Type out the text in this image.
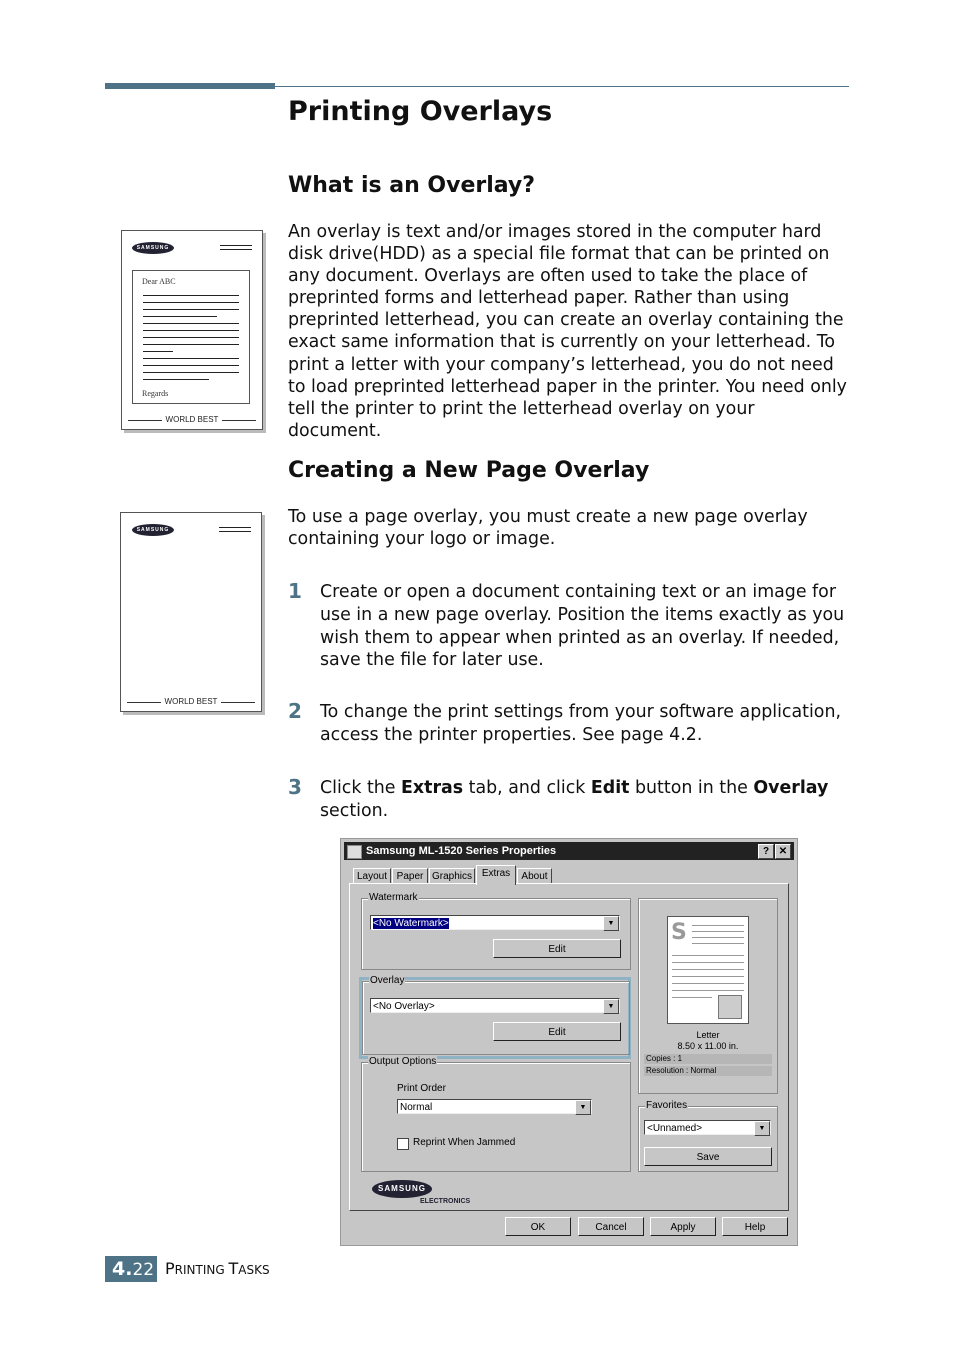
Printing Overlays
What is an Overlay?
An overlay is text and/or images stored in the computer hard disk drive(HDD) as a special file format that can be printed on any document. Overlays are often used to take the place of preprinted forms and letterhead paper. Rather than using preprinted letterhead, you can create an overlay containing the exact same information that is currently on your letterhead. To print a letter with your company’s letterhead, you do not need to load preprinted letterhead paper in the printer. You need only tell the printer to print the letterhead overlay on your document.
SAMSUNG
Dear ABC
Regards
WORLD BEST
Creating a New Page Overlay
To use a page overlay, you must create a new page overlay containing your logo or image.
SAMSUNG
WORLD BEST
1 Create or open a document containing text or an image for use in a new page overlay. Position the items exactly as you wish them to appear when printed as an overlay. If needed, save the file for later use.
2 To change the print settings from your software application, access the printer properties. See page 4.2.
3 Click the Extras tab, and click Edit button in the Overlay section.
Samsung ML-1520 Series Properties	? ✕
Layout Paper Graphics Extras	About
Watermark
<No Watermark>	▼
Edit
Overlay
<No Overlay>	▼
Edit
Output Options
Print Order
Normal	▼
Reprint When Jammed
S
Letter
8.50 x 11.00 in.
Copies : 1
Resolution : Normal
Favorites
<Unnamed>	▼
Save
SAMSUNG
ELECTRONICS
OK	Cancel	Apply	Help
4.22 PRINTING TASKS
